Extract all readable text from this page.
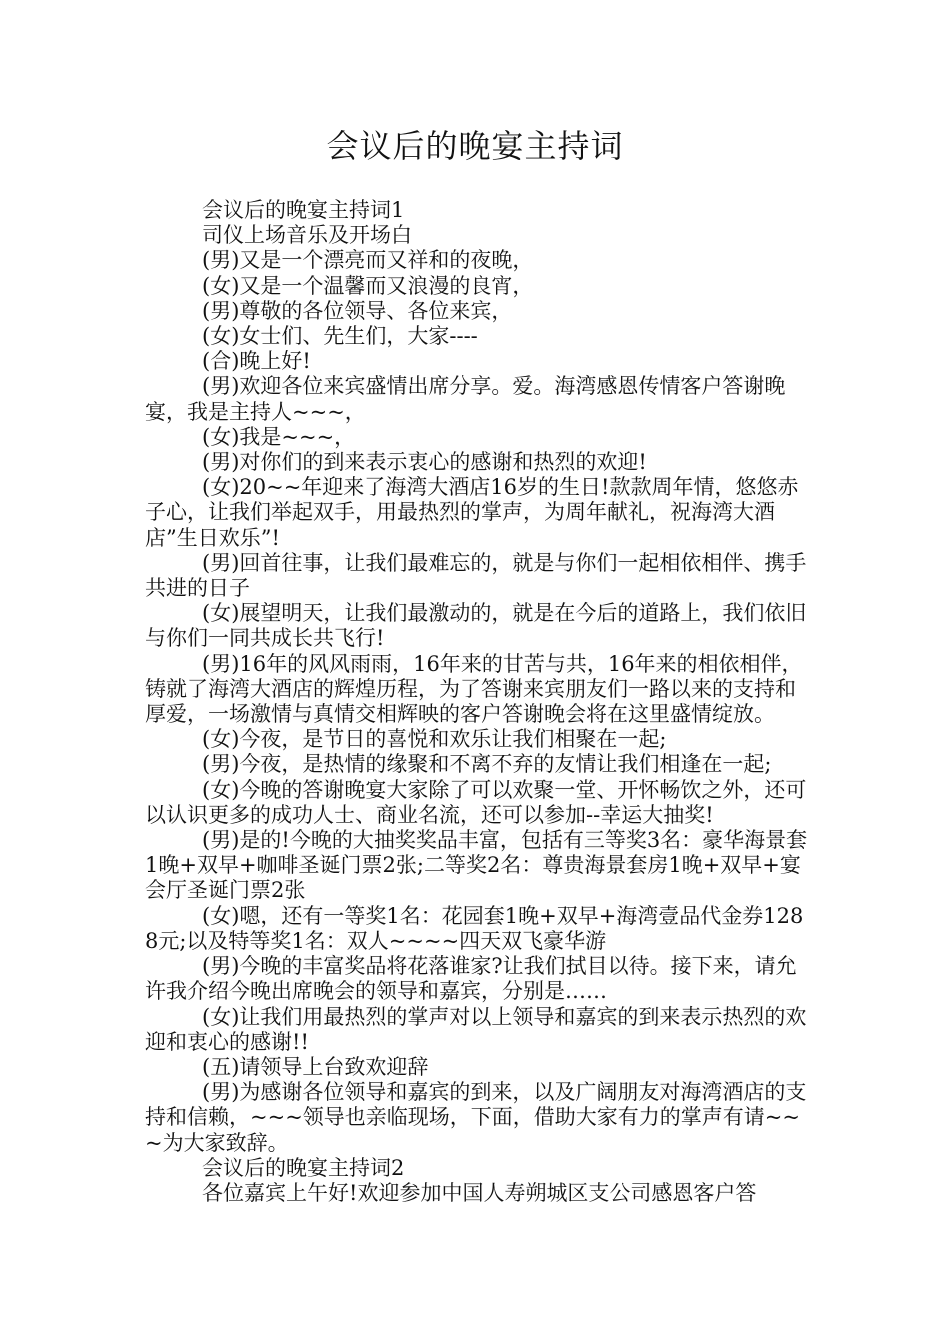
会议后的晚宴主持词

会议后的晚宴主持词1

司仪上场音乐及开场白

(男)又是一个漂亮而又祥和的夜晚，

(女)又是一个温馨而又浪漫的良宵，

(男)尊敬的各位领导、各位来宾，

(女)女士们、先生们，大家----

(合)晚上好!

(男)欢迎各位来宾盛情出席分享。爱。海湾感恩传情客户答谢晚宴，我是主持人~~~，

(女)我是~~~，

(男)对你们的到来表示衷心的感谢和热烈的欢迎!

(女)20~~年迎来了海湾大酒店16岁的生日!款款周年情，悠悠赤子心，让我们举起双手，用最热烈的掌声，为周年献礼，祝海湾大酒店”生日欢乐”!

(男)回首往事，让我们最难忘的，就是与你们一起相依相伴、携手共进的日子

(女)展望明天，让我们最激动的，就是在今后的道路上，我们依旧与你们一同共成长共飞行!

(男)16年的风风雨雨，16年来的甘苦与共，16年来的相依相伴，铸就了海湾大酒店的辉煌历程，为了答谢来宾朋友们一路以来的支持和厚爱，一场激情与真情交相辉映的客户答谢晚会将在这里盛情绽放。

(女)今夜，是节日的喜悦和欢乐让我们相聚在一起;

(男)今夜，是热情的缘聚和不离不弃的友情让我们相逢在一起;

(女)今晚的答谢晚宴大家除了可以欢聚一堂、开怀畅饮之外，还可以认识更多的成功人士、商业名流，还可以参加--幸运大抽奖!

(男)是的!今晚的大抽奖奖品丰富，包括有三等奖3名：豪华海景套1晚+双早+咖啡圣诞门票2张;二等奖2名：尊贵海景套房1晚+双早+宴会厅圣诞门票2张

(女)嗯，还有一等奖1名：花园套1晚+双早+海湾壹品代金券1288元;以及特等奖1名：双人~~~~四天双飞豪华游

(男)今晚的丰富奖品将花落谁家?让我们拭目以待。接下来，请允许我介绍今晚出席晚会的领导和嘉宾，分别是……

(女)让我们用最热烈的掌声对以上领导和嘉宾的到来表示热烈的欢迎和衷心的感谢!!

(五)请领导上台致欢迎辞

(男)为感谢各位领导和嘉宾的到来，以及广阔朋友对海湾酒店的支持和信赖，~~~领导也亲临现场，下面，借助大家有力的掌声有请~~~为大家致辞。

会议后的晚宴主持词2

各位嘉宾上午好!欢迎参加中国人寿朔城区支公司感恩客户答
